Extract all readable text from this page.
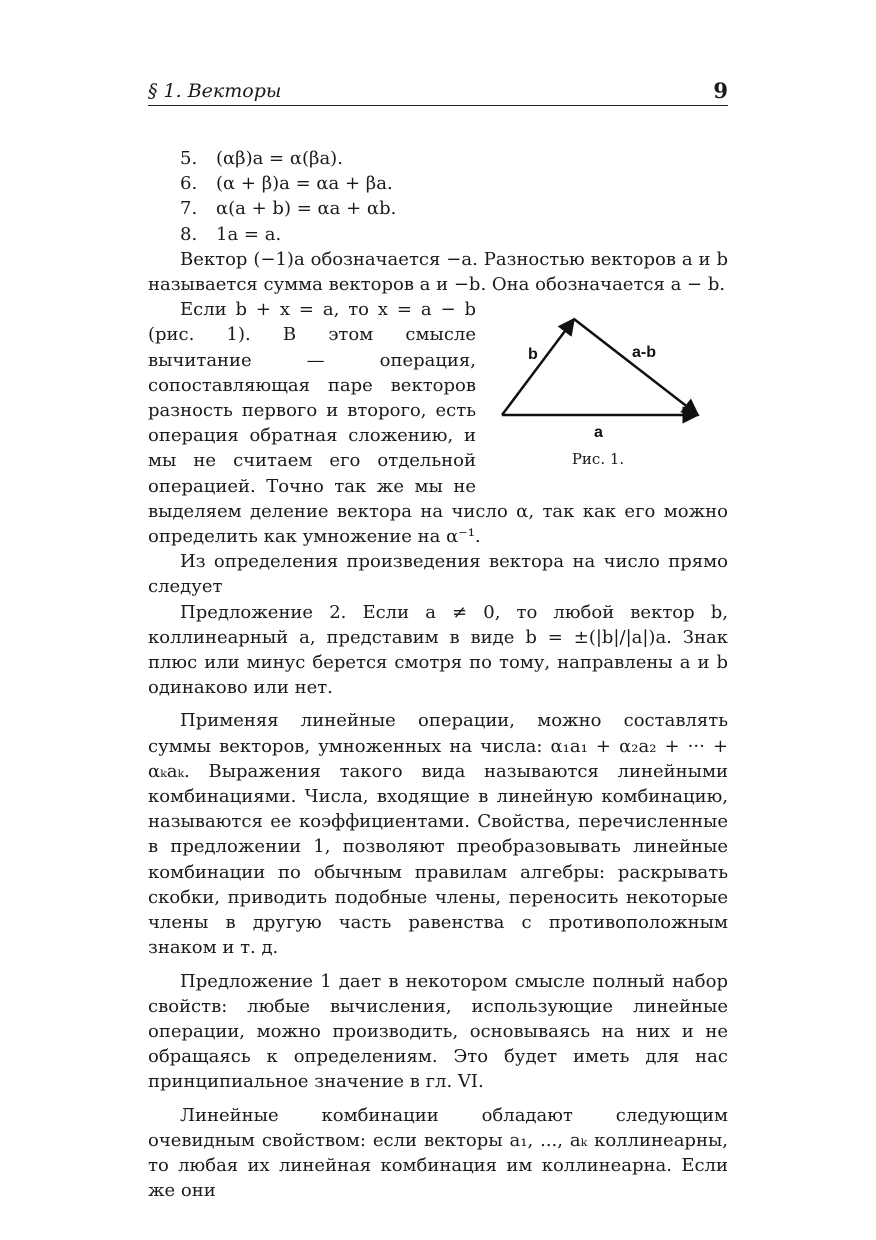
§ 1. Векторы	9
5. (αβ)a = α(βa).
6. (α + β)a = αa + βa.
7. α(a + b) = αa + αb.
8. 1a = a.

Вектор (−1)a обозначается −a. Разностью векторов a и b называется сумма векторов a и −b. Она обозначается a − b.

b	a-b
a
Рис. 1.

Если b + x = a, то x = a − b (рис. 1). В этом смысле вычитание — операция, сопоставляющая паре векторов разность первого и второго, есть операция обратная сложению, и мы не считаем его отдельной операцией. Точно так же мы не выделяем деление вектора на число α, так как его можно определить как умножение на α⁻¹.

Из определения произведения вектора на число прямо следует

Предложение 2. Если a ≠ 0, то любой вектор b, коллинеарный a, представим в виде b = ±(|b|/|a|)a. Знак плюс или минус берется смотря по тому, направлены a и b одинаково или нет.

Применяя линейные операции, можно составлять суммы векторов, умноженных на числа: α₁a₁ + α₂a₂ + ··· + αₖaₖ. Выражения такого вида называются линейными комбинациями. Числа, входящие в линейную комбинацию, называются ее коэффициентами. Свойства, перечисленные в предложении 1, позволяют преобразовывать линейные комбинации по обычным правилам алгебры: раскрывать скобки, приводить подобные члены, переносить некоторые члены в другую часть равенства с противоположным знаком и т. д.

Предложение 1 дает в некотором смысле полный набор свойств: любые вычисления, использующие линейные операции, можно производить, основываясь на них и не обращаясь к определениям. Это будет иметь для нас принципиальное значение в гл. VI.

Линейные комбинации обладают следующим очевидным свойством: если векторы a₁, ..., aₖ коллинеарны, то любая их линейная комбинация им коллинеарна. Если же они
